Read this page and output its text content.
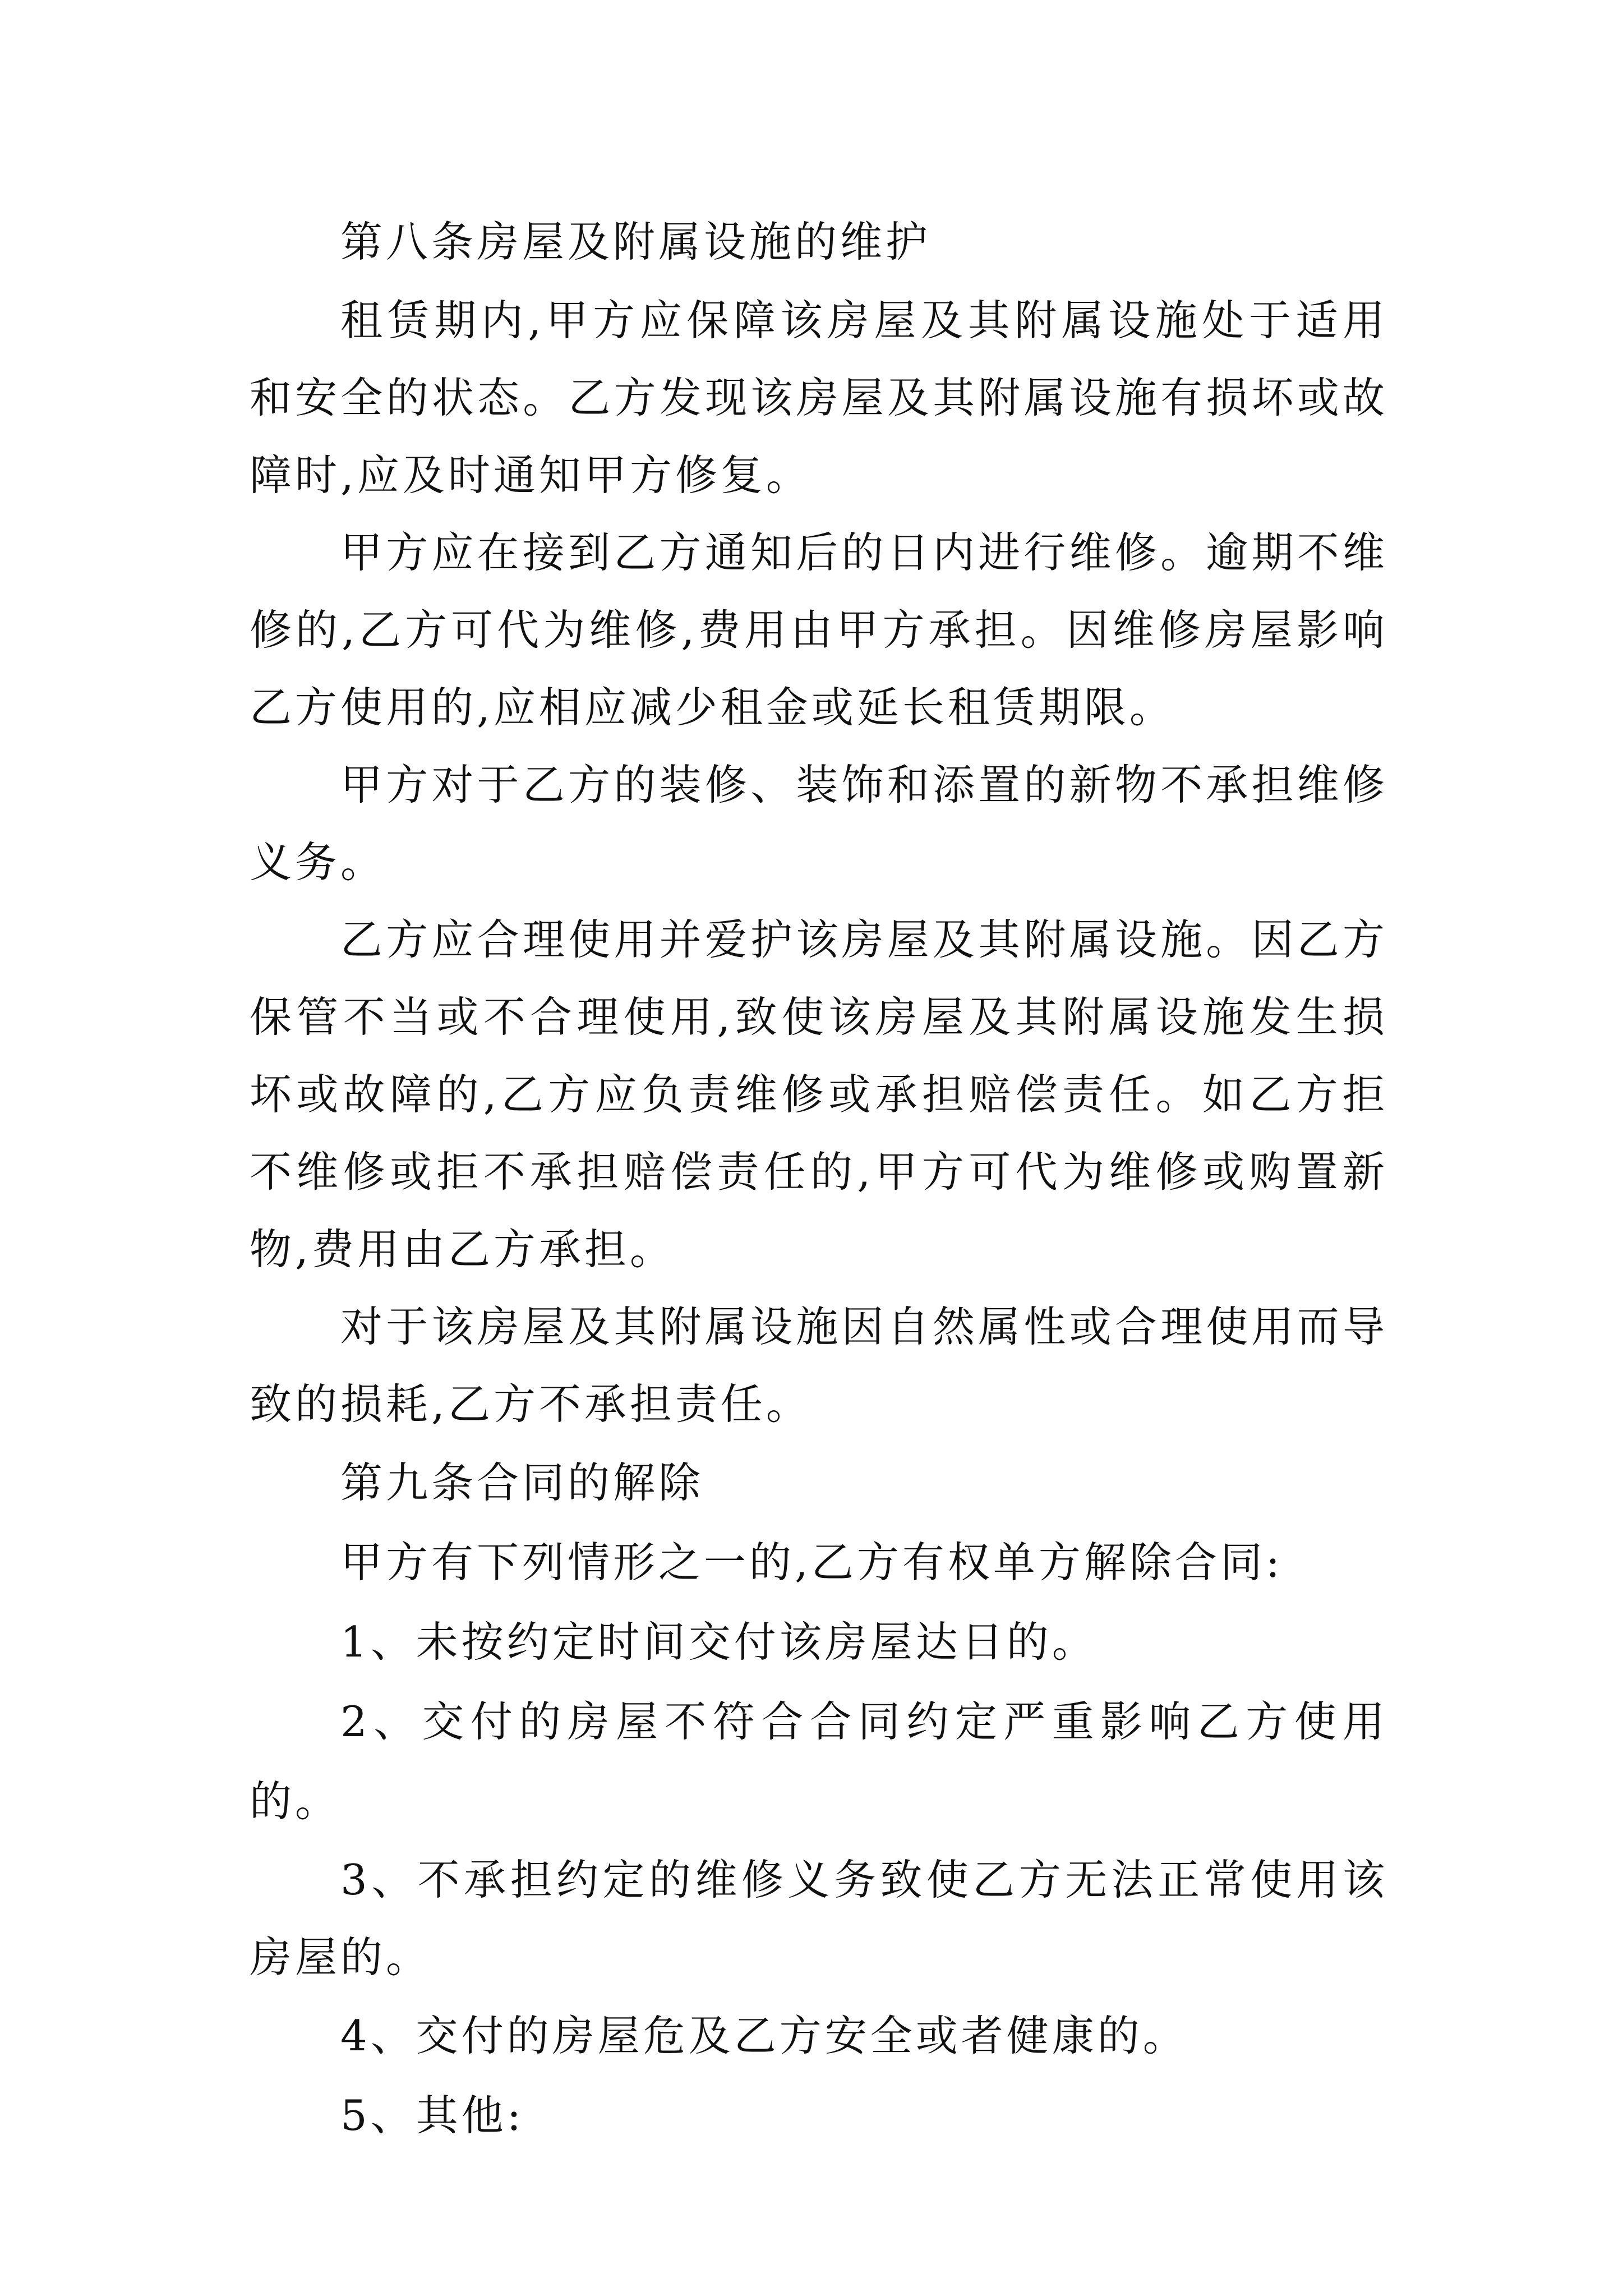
第八条房屋及附属设施的维护

租赁期内,甲方应保障该房屋及其附属设施处于适用和安全的状态。乙方发现该房屋及其附属设施有损坏或故障时,应及时通知甲方修复。

甲方应在接到乙方通知后的日内进行维修。逾期不维修的,乙方可代为维修,费用由甲方承担。因维修房屋影响乙方使用的,应相应减少租金或延长租赁期限。

甲方对于乙方的装修、装饰和添置的新物不承担维修义务。

乙方应合理使用并爱护该房屋及其附属设施。因乙方保管不当或不合理使用,致使该房屋及其附属设施发生损坏或故障的,乙方应负责维修或承担赔偿责任。如乙方拒不维修或拒不承担赔偿责任的,甲方可代为维修或购置新物,费用由乙方承担。

对于该房屋及其附属设施因自然属性或合理使用而导致的损耗,乙方不承担责任。

第九条合同的解除

甲方有下列情形之一的,乙方有权单方解除合同:

1、未按约定时间交付该房屋达日的。

2、交付的房屋不符合合同约定严重影响乙方使用的。

3、不承担约定的维修义务致使乙方无法正常使用该房屋的。

4、交付的房屋危及乙方安全或者健康的。

5、其他:
